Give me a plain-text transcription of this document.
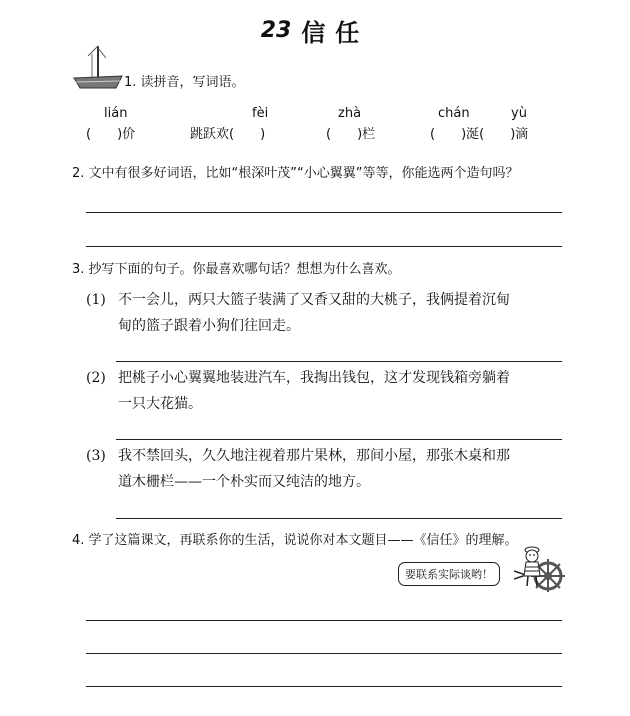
23 信任
1. 读拼音，写词语。
lián	fèi	zhà	chán	yù
(　　)价	跳跃欢(　　)	(　　)栏	(　　)涎(　　)滴
2. 文中有很多好词语，比如“根深叶茂”“小心翼翼”等等，你能选两个造句吗？
3. 抄写下面的句子。你最喜欢哪句话？想想为什么喜欢。
(1) 不一会儿，两只大篮子装满了又香又甜的大桃子，我俩提着沉甸
甸的篮子跟着小狗们往回走。
(2) 把桃子小心翼翼地装进汽车，我掏出钱包，这才发现钱箱旁躺着
一只大花猫。
(3) 我不禁回头，久久地注视着那片果林，那间小屋，那张木桌和那
道木栅栏——一个朴实而又纯洁的地方。
4. 学了这篇课文，再联系你的生活，说说你对本文题目——《信任》的理解。
要联系实际谈哟！
